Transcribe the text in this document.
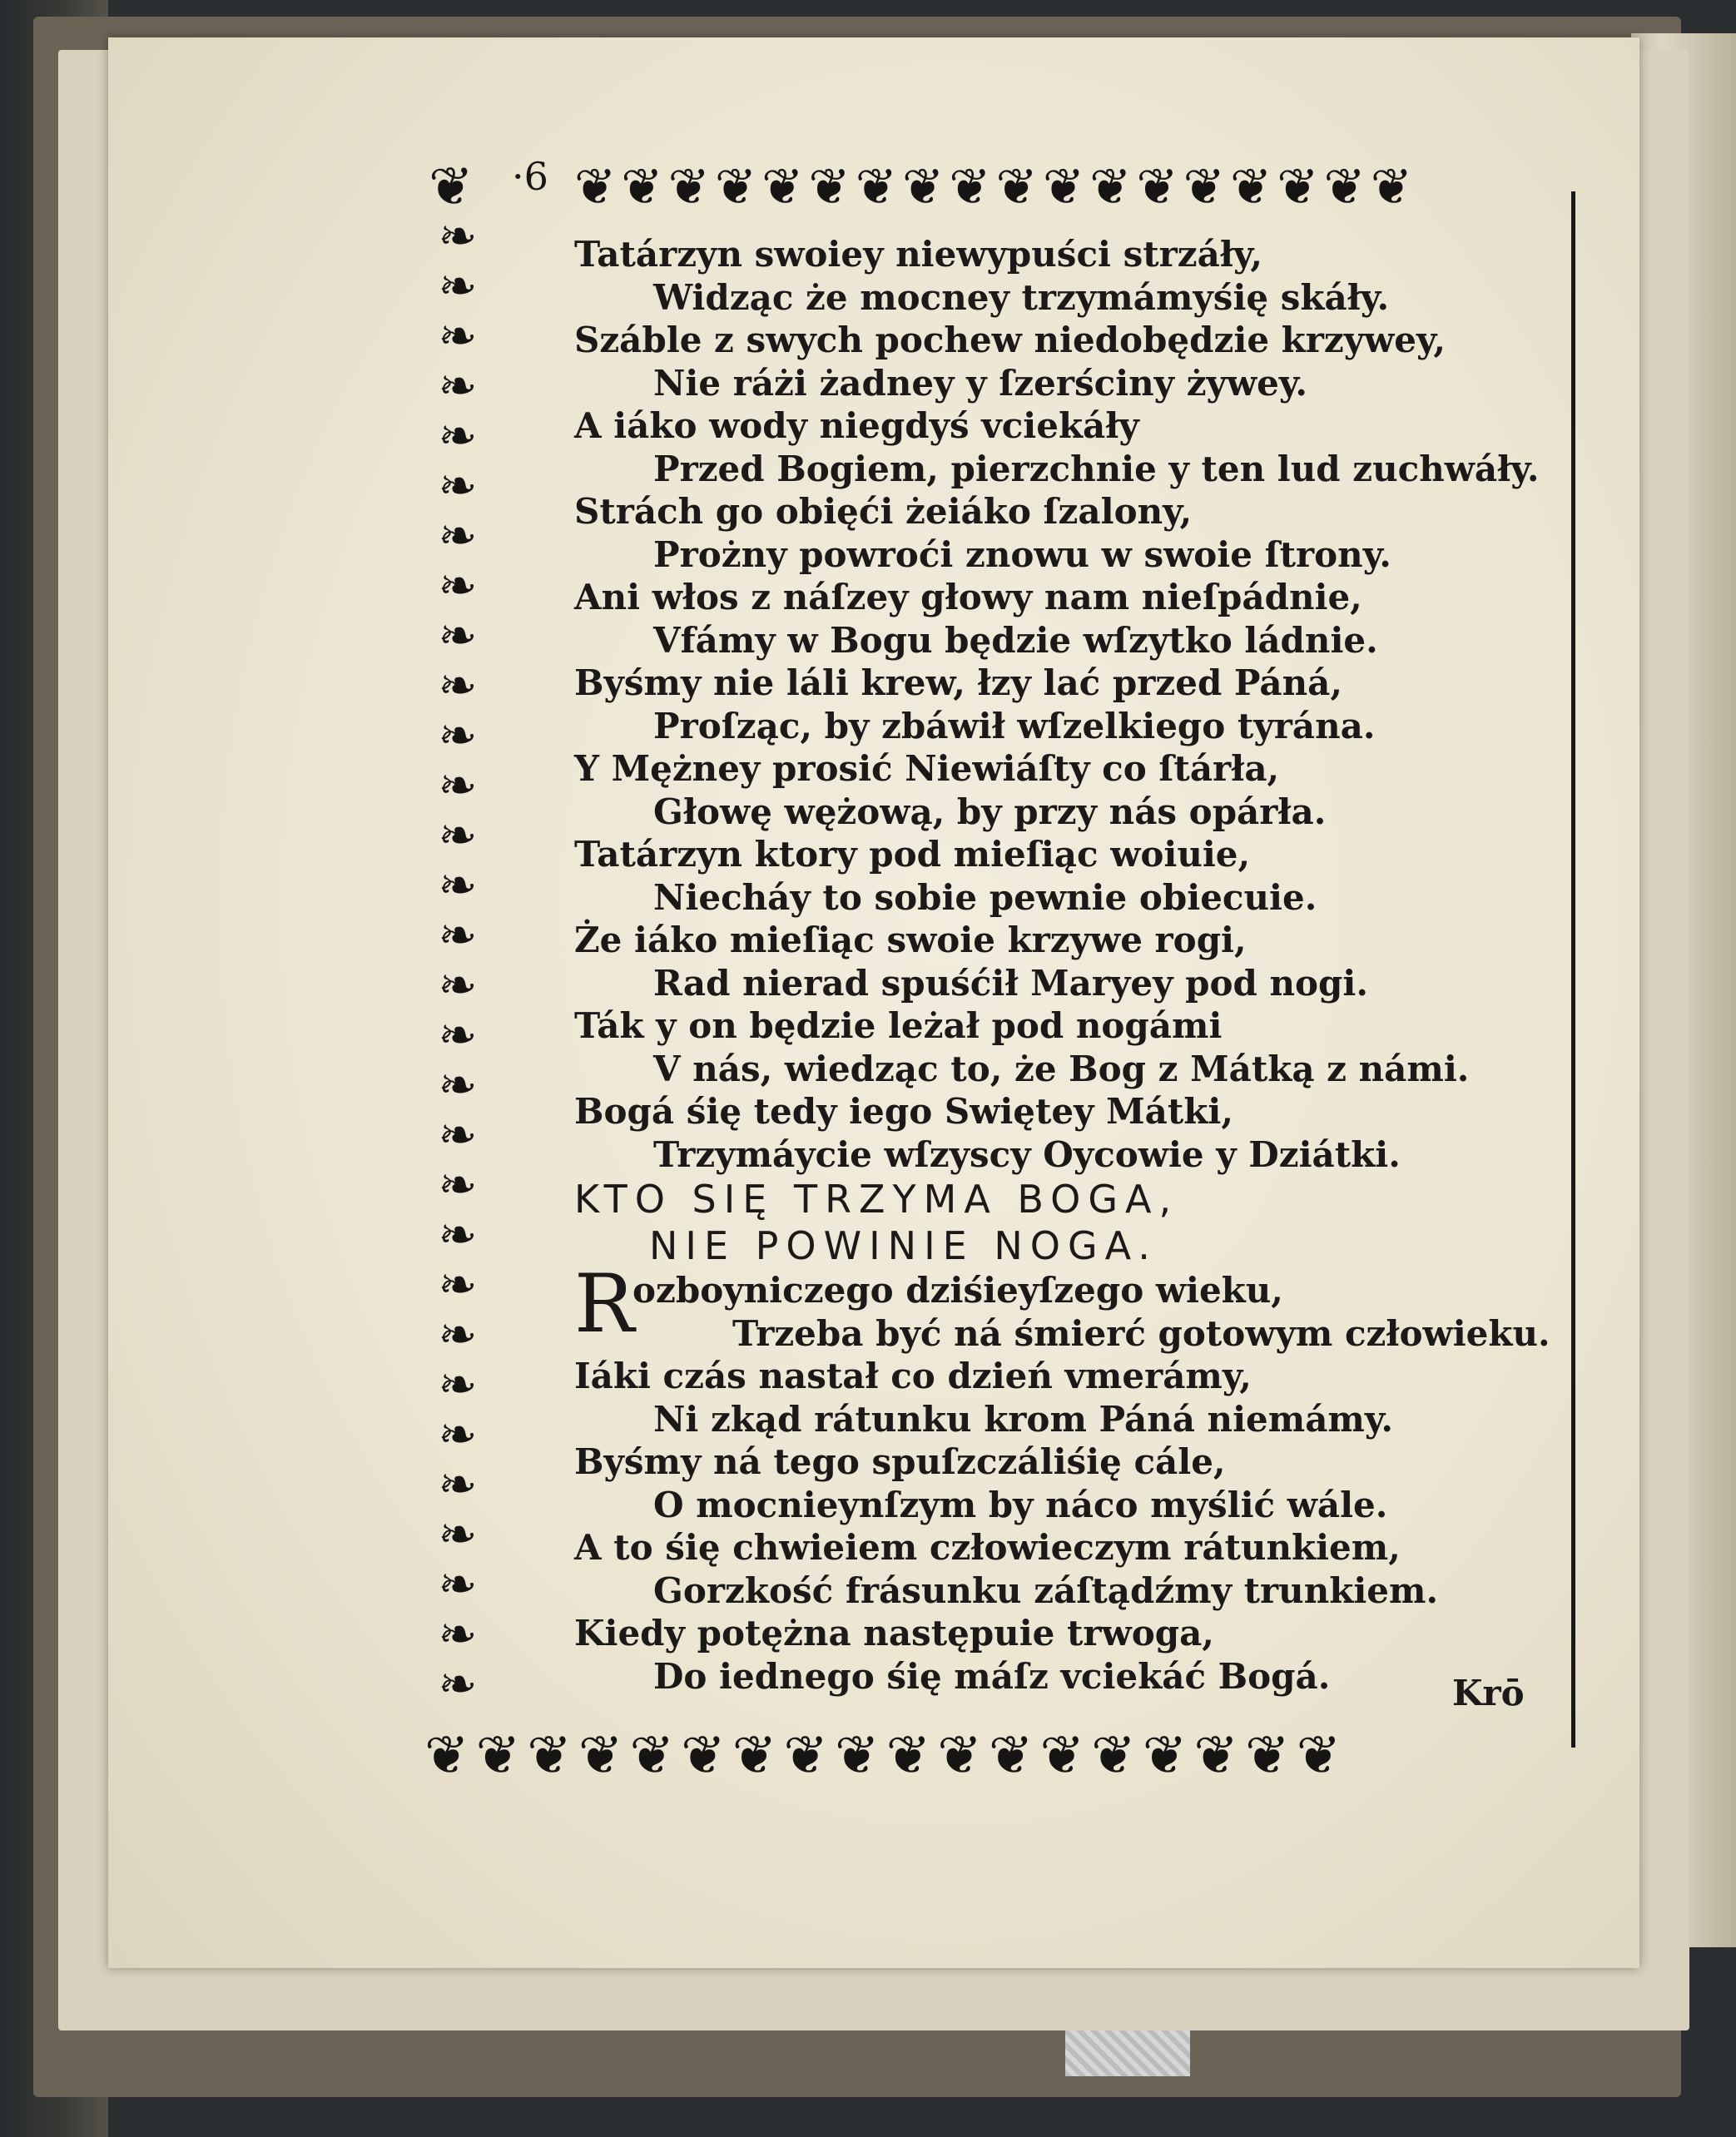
❦ ·6 ❦❦❦❦❦❦❦❦❦❦❦❦❦❦❦❦❦❦
❧❧❧❧❧❧❧❧❧❧❧❧❧❧❧❧❧❧❧❧❧❧❧❧❧❧❧❧❧❧
❦❦❦❦❦❦❦❦❦❦❦❦❦❦❦❦❦❦
Tatárzyn swoiey niewypuści strzáły,
Widząc że mocney trzymámyśię skáły.
Száble z swych pochew niedobędzie krzywey,
Nie ráżi żadney y ſzerściny żywey.
A iáko wody niegdyś vciekáły
Przed Bogiem, pierzchnie y ten lud zuchwáły.
Strách go obięći żeiáko ſzalony,
Prożny powroći znowu w swoie ſtrony.
Ani włos z náſzey głowy nam nieſpádnie,
Vfámy w Bogu będzie wſzytko ládnie.
Byśmy nie láli krew, łzy lać przed Páná,
Proſząc, by zbáwił wſzelkiego tyrána.
Y Mężney prosić Niewiáſty co ſtárła,
Głowę wężową, by przy nás opárła.
Tatárzyn ktory pod mieſiąc woiuie,
Niecháy to sobie pewnie obiecuie.
Że iáko mieſiąc swoie krzywe rogi,
Rad nierad spuśćił Maryey pod nogi.
Ták y on będzie leżał pod nogámi
V nás, wiedząc to, że Bog z Mátką z námi.
Bogá śię tedy iego Swiętey Mátki,
Trzymáycie wſzyscy Oycowie y Dziátki.
KTO SIĘ TRZYMA BOGA,
NIE POWINIE NOGA.
R
ozboyniczego dziśieyſzego wieku,
Trzeba być ná śmierć gotowym człowieku.
Iáki czás nastał co dzień vmerámy,
Ni zkąd rátunku krom Páná niemámy.
Byśmy ná tego spuſzczáliśię cále,
O mocnieynſzym by náco myślić wále.
A to śię chwieiem człowieczym rátunkiem,
Gorzkość frásunku záſtądźmy trunkiem.
Kiedy potężna następuie trwoga,
Do iednego śię máſz vciekáć Bogá.	Krō
